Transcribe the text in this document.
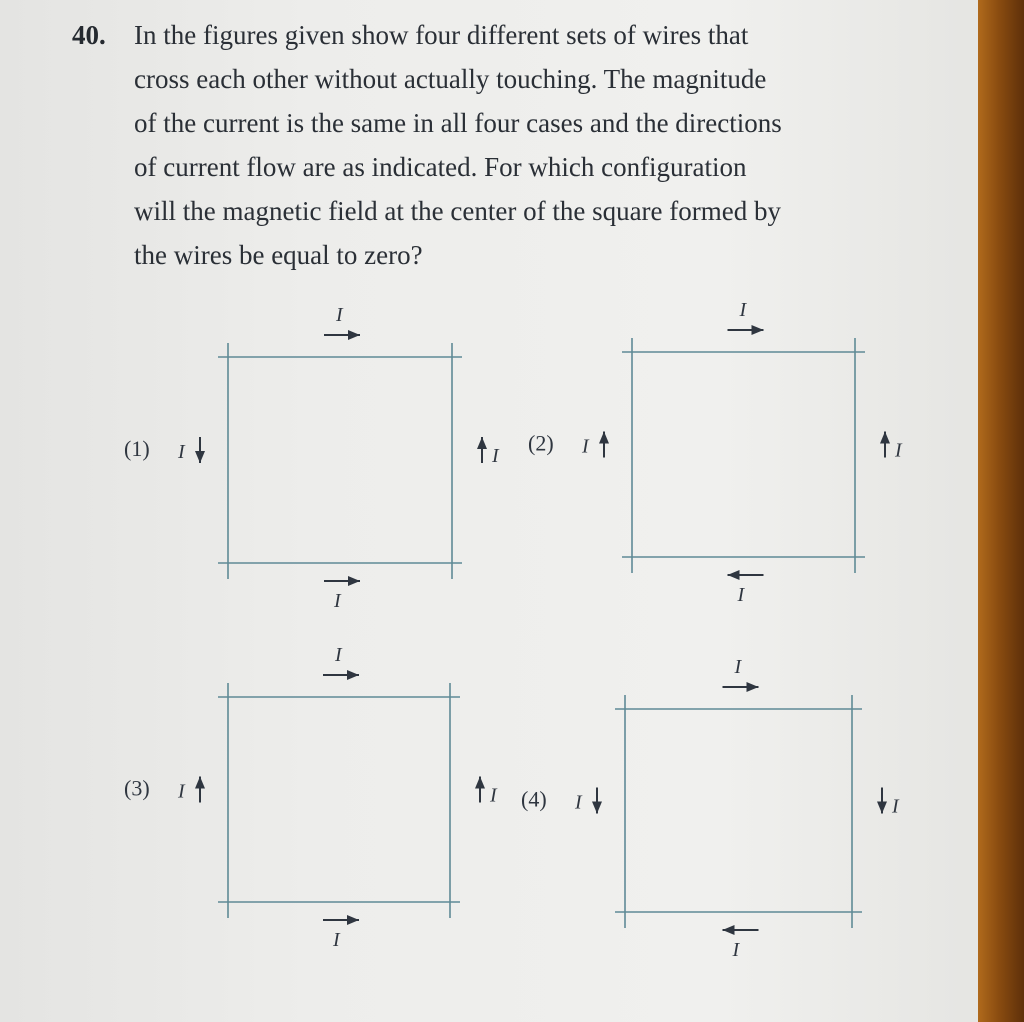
40. In the figures given show four different sets of wires that
cross each other without actually touching. The magnitude
of the current is the same in all four cases and the directions
of current flow are as indicated. For which configuration
will the magnetic field at the center of the square formed by
the wires be equal to zero?
I
I
(1) I	I
I
I
(2) I	I
I
I
(3) I	I
I
I
(4) I	I
